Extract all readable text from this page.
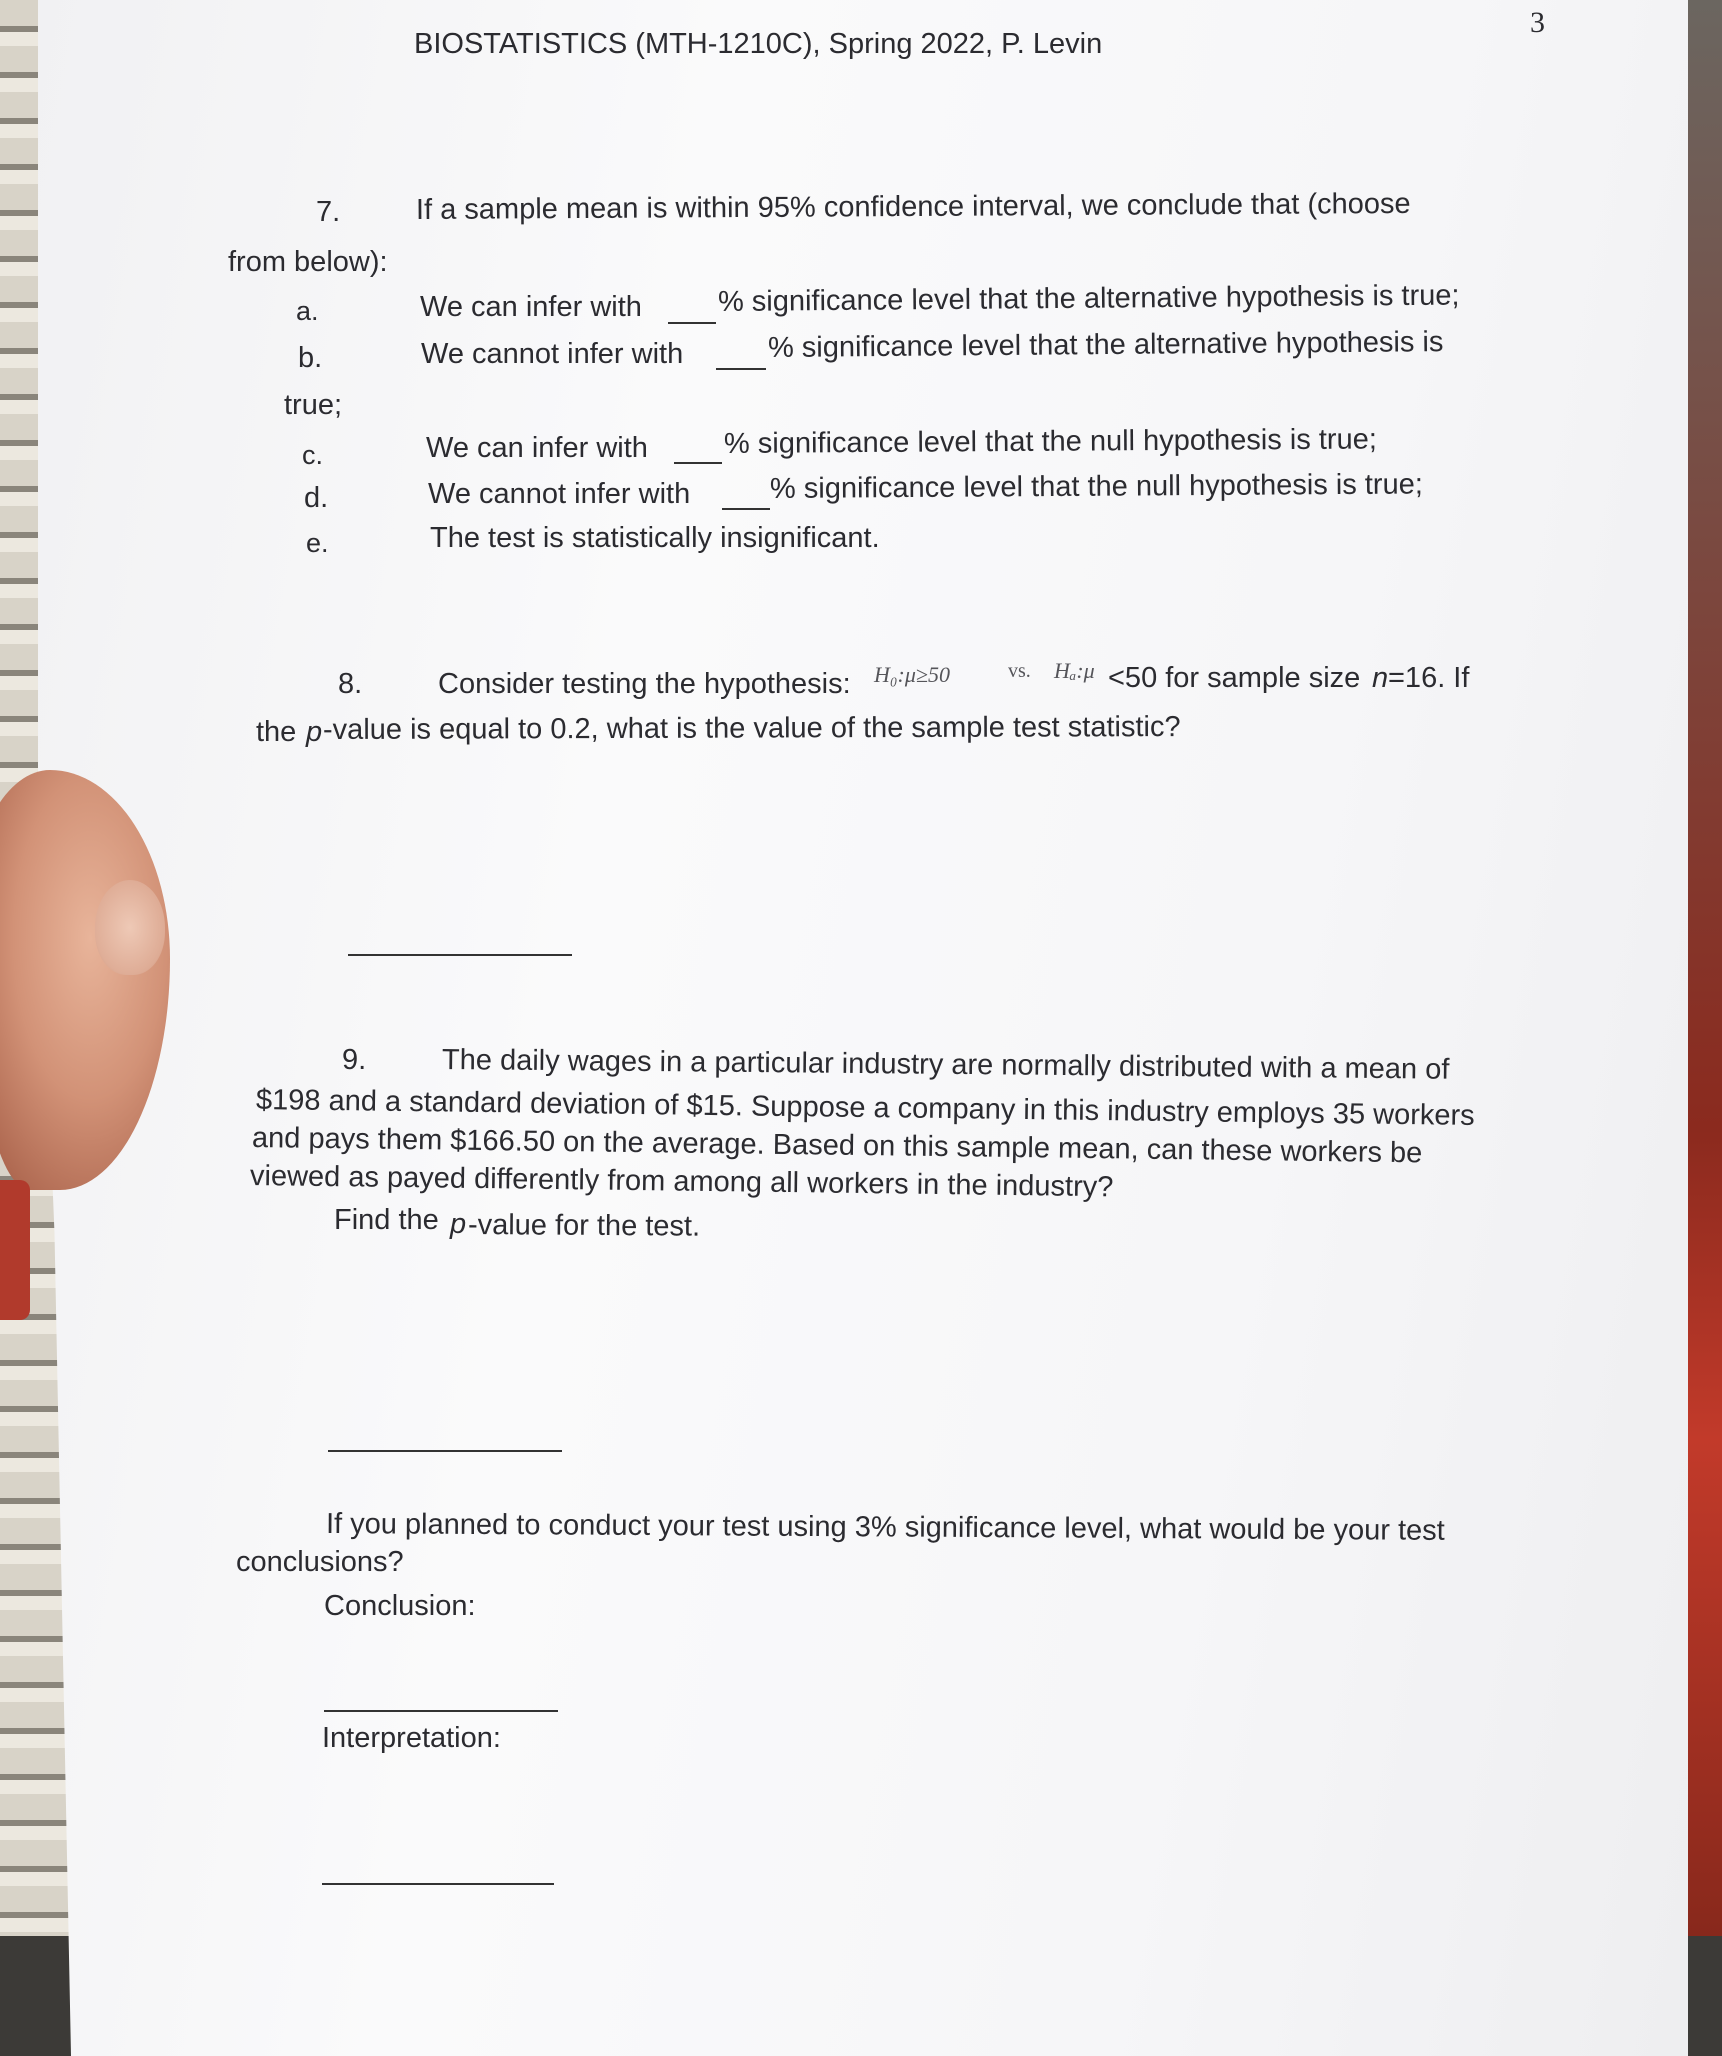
BIOSTATISTICS (MTH-1210C), Spring 2022, P. Levin
3
7.	If a sample mean is within 95% confidence interval, we conclude that (choose
from below):
a.	We can infer with	% significance level that the alternative hypothesis is true;
b.	We cannot infer with	% significance level that the alternative hypothesis is
true;
c.	We can infer with	% significance level that the null hypothesis is true;
d.	We cannot infer with	% significance level that the null hypothesis is true;
e.	The test is statistically insignificant.
8.	Consider testing the hypothesis: H₀:μ≥50	vs. Hₐ:μ <50 for sample size n =16. If
the p -value is equal to 0.2, what is the value of the sample test statistic?
9.	The daily wages in a particular industry are normally distributed with a mean of
$198 and a standard deviation of $15. Suppose a company in this industry employs 35 workers
and pays them $166.50 on the average. Based on this sample mean, can these workers be
viewed as payed differently from among all workers in the industry?
Find the p -value for the test.
If you planned to conduct your test using 3% significance level, what would be your test
conclusions?
Conclusion:
Interpretation:
